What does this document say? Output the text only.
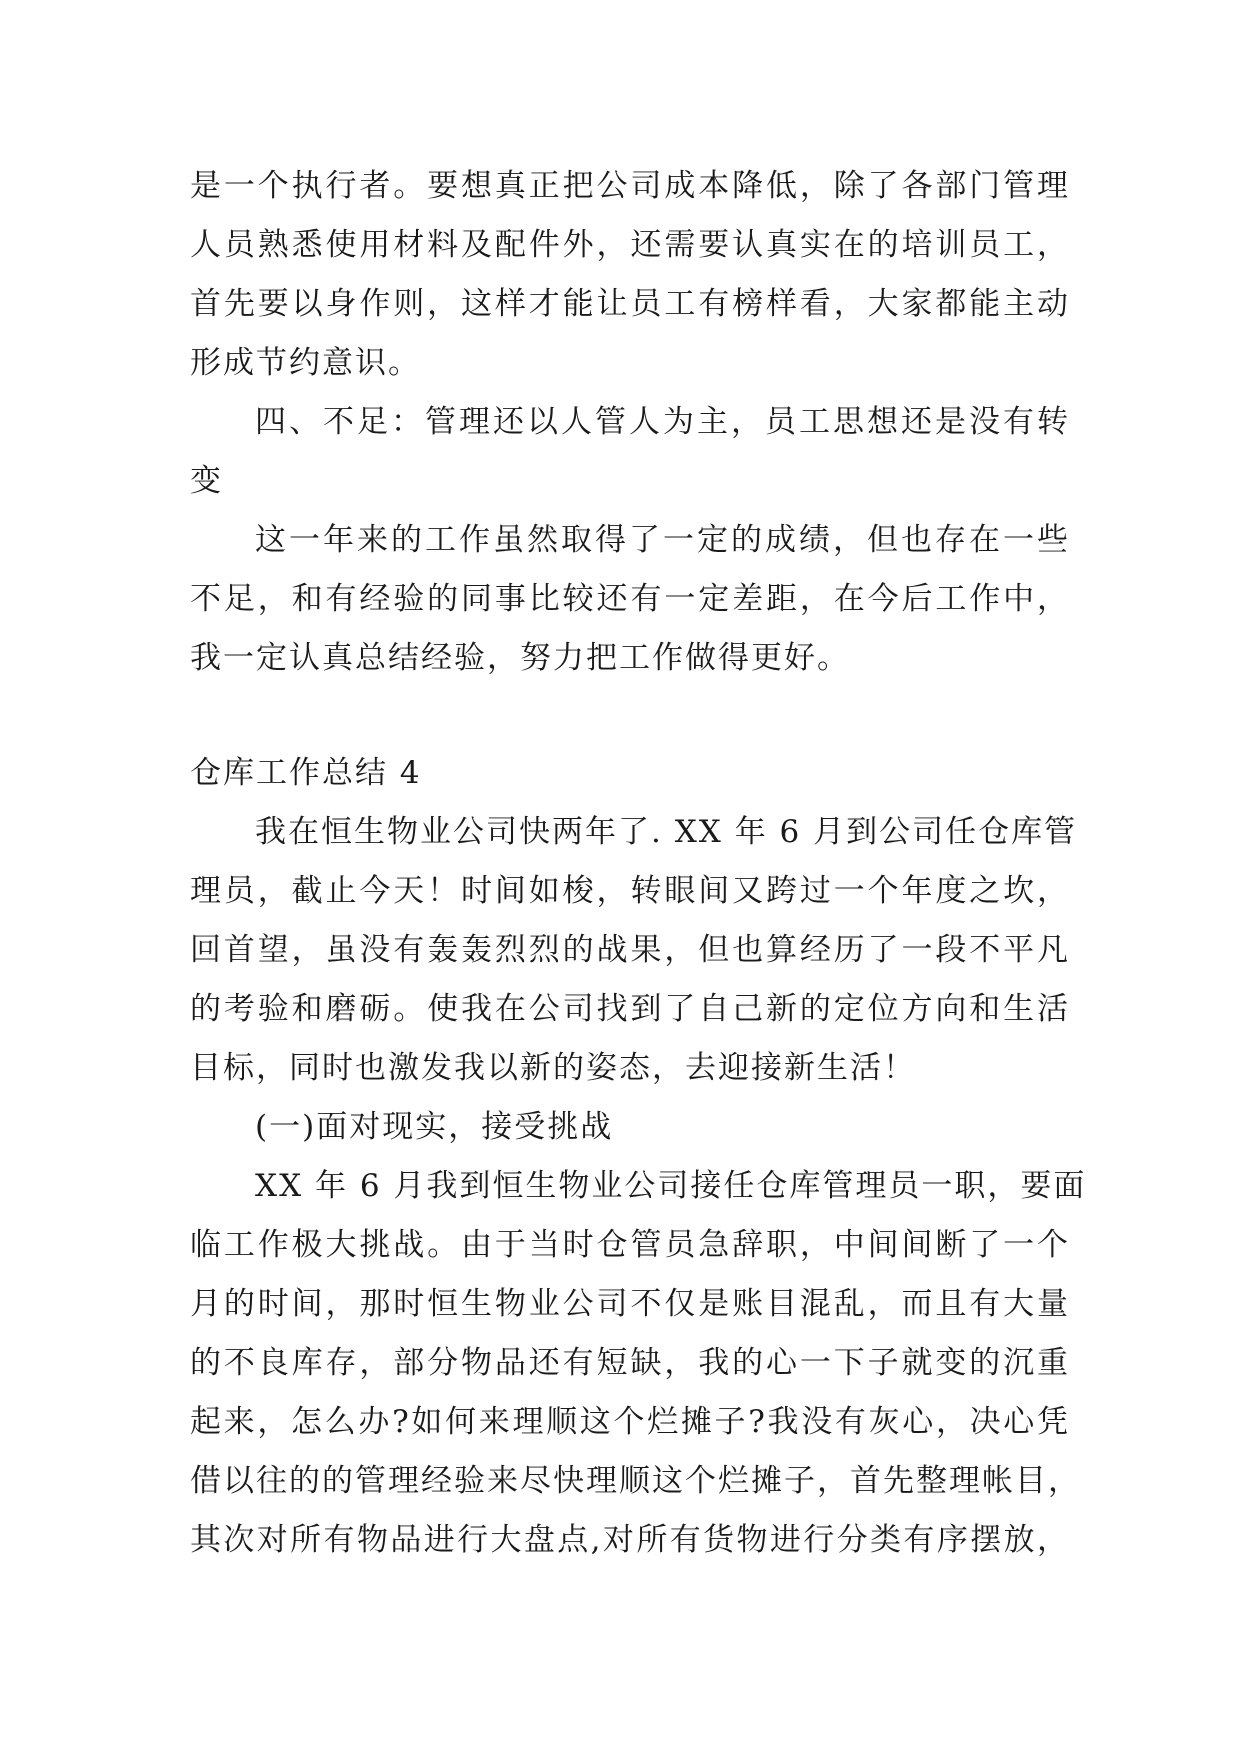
是一个执行者。要想真正把公司成本降低，除了各部门管理
人员熟悉使用材料及配件外，还需要认真实在的培训员工，
首先要以身作则，这样才能让员工有榜样看，大家都能主动
形成节约意识。
四、不足：管理还以人管人为主，员工思想还是没有转
变
这一年来的工作虽然取得了一定的成绩，但也存在一些
不足，和有经验的同事比较还有一定差距，在今后工作中，
我一定认真总结经验，努力把工作做得更好。
仓库工作总结 4
我在恒生物业公司快两年了. XX 年 6 月到公司任仓库管
理员，截止今天！时间如梭，转眼间又跨过一个年度之坎，
回首望，虽没有轰轰烈烈的战果，但也算经历了一段不平凡
的考验和磨砺。使我在公司找到了自己新的定位方向和生活
目标，同时也激发我以新的姿态，去迎接新生活！
(一)面对现实，接受挑战
XX 年 6 月我到恒生物业公司接任仓库管理员一职，要面
临工作极大挑战。由于当时仓管员急辞职，中间间断了一个
月的时间，那时恒生物业公司不仅是账目混乱，而且有大量
的不良库存，部分物品还有短缺，我的心一下子就变的沉重
起来，怎么办?如何来理顺这个烂摊子?我没有灰心，决心凭
借以往的的管理经验来尽快理顺这个烂摊子，首先整理帐目，
其次对所有物品进行大盘点,对所有货物进行分类有序摆放，
